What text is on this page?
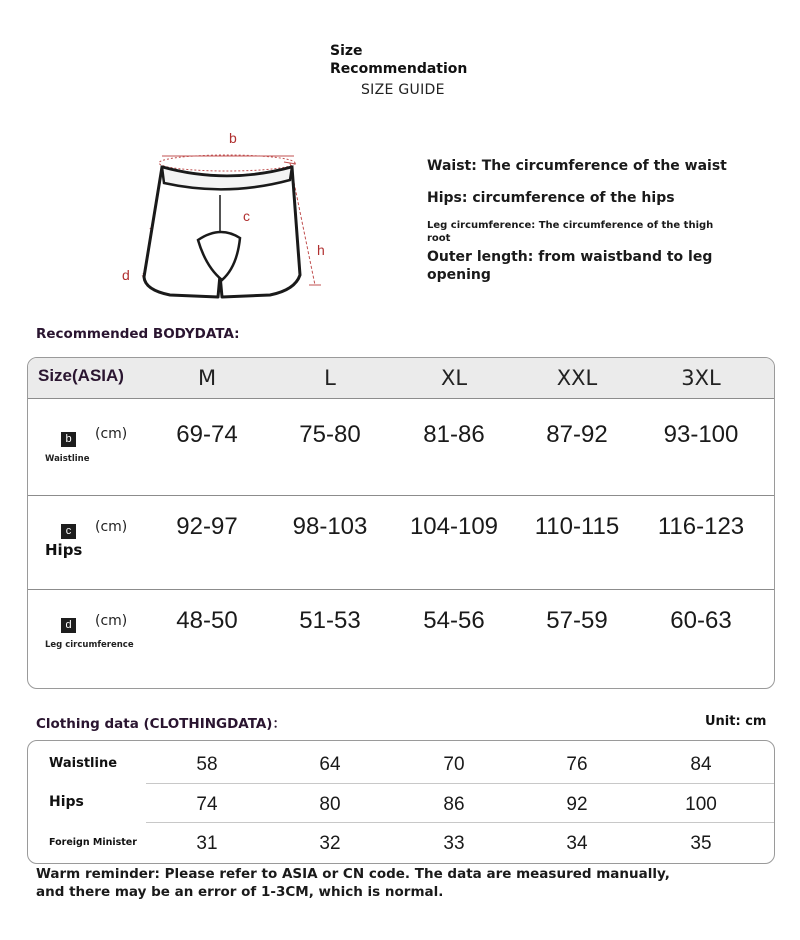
Size
Recommendation
SIZE GUIDE
b
c
d
h
Waist: The circumference of the waist
Hips: circumference of the hips
Leg circumference: The circumference of the thigh root
Outer length: from waistband to leg opening
Recommended BODYDATA:
Size(ASIA)	M	L	XL	XXL	3XL
b
Waistline
(cm)	69-74	75-80	81-86	87-92	93-100
c
Hips
(cm)	92-97	98-103	104-109	110-115	116-123
d
Leg circumference
(cm)	48-50	51-53	54-56	57-59	60-63
Clothing data (CLOTHINGDATA)：	Unit: cm
Waistline	58	64	70	76	84
Hips	74	80	86	92	100
Foreign Minister	31	32	33	34	35
Warm reminder: Please refer to ASIA or CN code. The data are measured manually, and there may be an error of 1-3CM, which is normal.
